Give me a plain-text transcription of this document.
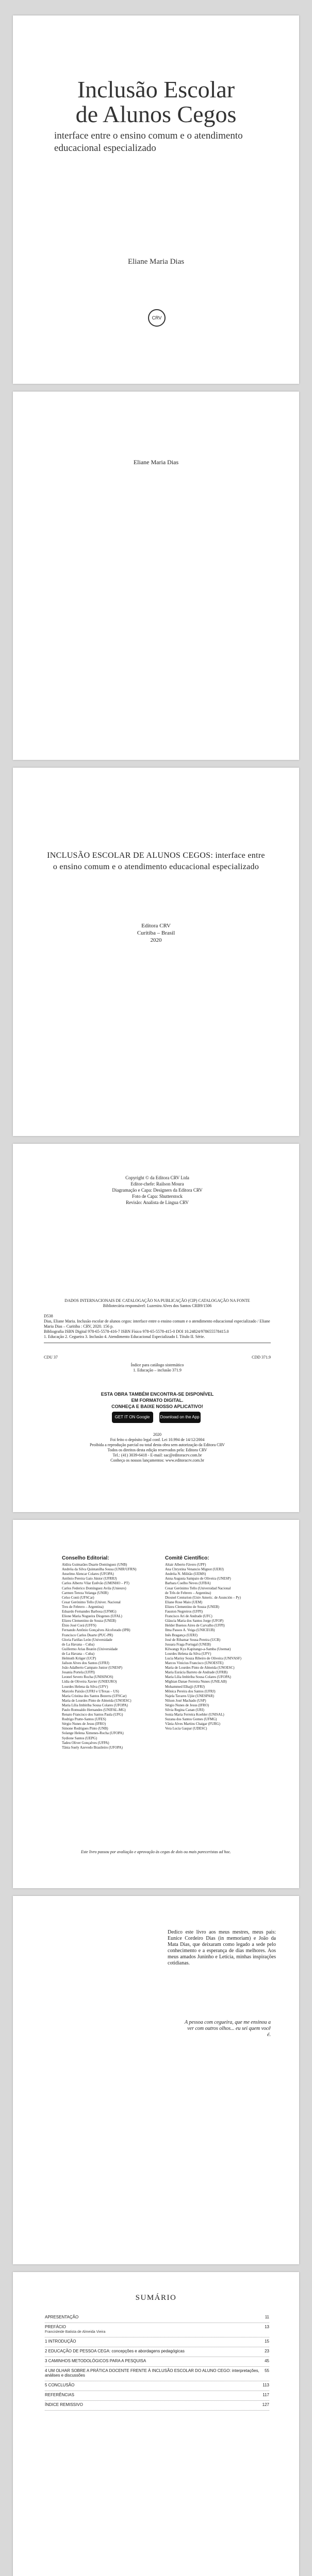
Inclusão Escolar
de Alunos Cegos
interface entre o ensino comum e o atendimento educacional especializado
Eliane Maria Dias
CRV
Eliane Maria Dias
INCLUSÃO ESCOLAR DE ALUNOS CEGOS: interface entre o ensino comum e o atendimento educacional especializado
Editora CRV
Curitiba – Brasil
2020
Copyright © da Editora CRV Ltda
Editor-chefe: Railson Moura
Diagramação e Capa: Designers da Editora CRV
Foto de Capa: Shutterstock
Revisão: Analista de Língua CRV
DADOS INTERNACIONAIS DE CATALOGAÇÃO NA PUBLICAÇÃO (CIP) CATALOGAÇÃO NA FONTE
Bibliotecária responsável: Luzenira Alves dos Santos CRB9/1506
D538
Dias, Eliane Maria. Inclusão escolar de alunos cegos: interface entre o ensino comum e o atendimento educacional especializado / Eliane Maria Dias – Curitiba : CRV, 2020. 156 p.
Bibliografia ISBN Digital 978-65-5578-416-7 ISBN Físico 978-65-5578-415-0 DOI 10.24824/978655578415.0
1. Educação 2. Cegueira 3. Inclusão 4. Atendimento Educacional Especializado I. Título II. Série.
CDU 37	CDD 371.9
Índice para catálogo sistemático
1. Educação – inclusão 371.9
ESTA OBRA TAMBÉM ENCONTRA-SE DISPONÍVEL
EM FORMATO DIGITAL.
CONHEÇA E BAIXE NOSSO APLICATIVO!
GET IT ON Google Play Download on the App Store
2020
Foi feito o depósito legal conf. Lei 10.994 de 14/12/2004
Proibida a reprodução parcial ou total desta obra sem autorização da Editora CRV
Todos os direitos desta edição reservados pela: Editora CRV
Tel.: (41) 3039-6418 - E-mail: sac@editoracrv.com.br
Conheça os nossos lançamentos: www.editoracrv.com.br
Conselho Editorial:
Aldira Guimarães Duarte Domínguez (UNB)
Andréia da Silva Quintanilha Sousa (UNIR/UFRN)
Anselmo Alencar Colares (UFOPA)
Antônio Pereira Gaio Júnior (UFRRJ)
Carlos Alberto Vilar Estêvão (UMINHO – PT)
Carlos Federico Domínguez Avila (Unieuro)
Carmen Tereza Velanga (UNIR)
Celso Conti (UFSCar)
Cesar Gerónimo Tello (Univer. Nacional
Tres de Febrero – Argentina)
Eduardo Fernandes Barbosa (UFMG)
Elione Maria Nogueira Diogenes (UFAL)
Elizeu Clementino de Souza (UNEB)
Élsio José Corá (UFFS)
Fernando Antônio Gonçalves Alcoforado (IPB)
Francisco Carlos Duarte (PUC-PR)
Gloria Fariñas León (Universidade
de La Havana – Cuba)
Guillermo Arias Beatón (Universidade
de La Havana – Cuba)
Helmuth Krüger (UCP)
Jailson Alves dos Santos (UFRJ)
João Adalberto Campato Junior (UNESP)
Josania Portela (UFPI)
Leonel Severo Rocha (UNISINOS)
Lídia de Oliveira Xavier (UNIEURO)
Lourdes Helena da Silva (UFV)
Marcelo Paixão (UFRJ e UTexas – US)
Maria Cristina dos Santos Bezerra (UFSCar)
Maria de Lourdes Pinto de Almeida (UNOESC)
Maria Lília Imbiriba Sousa Colares (UFOPA)
Paulo Romualdo Hernandes (UNIFAL-MG)
Renato Francisco dos Santos Paula (UFG)
Rodrigo Pratte-Santos (UFES)
Sérgio Nunes de Jesus (IFRO)
Simone Rodrigues Pinto (UNB)
Solange Helena Ximenes-Rocha (UFOPA)
Sydione Santos (UEPG)
Tadeu Oliver Gonçalves (UFPA)
Tânia Suely Azevedo Brasileiro (UFOPA)
Comitê Científico:
Altair Alberto Fávero (UPF)
Ana Chrystina Venancio Mignot (UERJ)
Andréia N. Militão (UEMS)
Anna Augusta Sampaio de Oliveira (UNESP)
Barbara Coelho Neves (UFBA)
Cesar Gerónimo Tello (Universidad Nacional
de Três de Febrero – Argentina)
Diosnel Centurion (Univ Americ. de Asunción – Py)
Eliane Rose Maio (UEM)
Elizeu Clementino de Souza (UNEB)
Fauston Negreiros (UFPI)
Francisco Ari de Andrade (UFC)
Gláucia Maria dos Santos Jorge (UFOP)
Helder Buenos Aires de Carvalho (UFPI)
Ilma Passos A. Veiga (UNICEUB)
Inês Bragança (UERJ)
José de Ribamar Sousa Pereira (UCB)
Jussara Fraga Portugal (UNEB)
Kilwangy Kya Kapitango-a-Samba (Unemat)
Lourdes Helena da Silva (UFV)
Lucia Marisy Souza Ribeiro de Oliveira (UNIVASF)
Marcos Vinicius Francisco (UNOESTE)
Maria de Lourdes Pinto de Almeida (UNOESC)
Maria Eurácia Barreto de Andrade (UFRB)
Maria Lília Imbiriba Sousa Colares (UFOPA)
Míghian Danae Ferreira Nunes (UNILAB)
Mohammed Elhajji (UFRJ)
Mônica Pereira dos Santos (UFRJ)
Najela Tavares Ujiie (UNESPAR)
Nilson José Machado (USP)
Sérgio Nunes de Jesus (IFRO)
Silvia Regina Canan (URI)
Sonia Maria Ferreira Koehler (UNISAL)
Suzana dos Santos Gomes (UFMG)
Vânia Alves Martins Chaigar (FURG)
Vera Lucia Gaspar (UDESC)
Este livro passou por avaliação e aprovação às cegas de dois ou mais pareceristas ad hoc.
Dedico este livro aos meus mestres, meus pais: Eunice Cordeiro Dias (in memoriam) e João da Mata Dias, que deixaram como legado a sede pelo conhecimento e a esperança de dias melhores. Aos meus amados Juninho e Letícia, minhas inspirações cotidianas.
A pessoa com cegueira, que me ensinou a ver com outros olhos... eu sei quem você é.
SUMÁRIO
APRESENTAÇÃO	11
PREFÁCIO	13
Francisleide Batista de Almeida Vieira
1 INTRODUÇÃO	15
2 EDUCAÇÃO DE PESSOA CEGA: concepções e abordagens pedagógicas	23
3 CAMINHOS METODOLÓGICOS PARA A PESQUISA	45
4 UM OLHAR SOBRE A PRÁTICA DOCENTE FRENTE À INCLUSÃO ESCOLAR DO ALUNO CEGO: interpretações, análises e discussões
55
5 CONCLUSÃO	113
REFERÊNCIAS	117
ÍNDICE REMISSIVO	127
